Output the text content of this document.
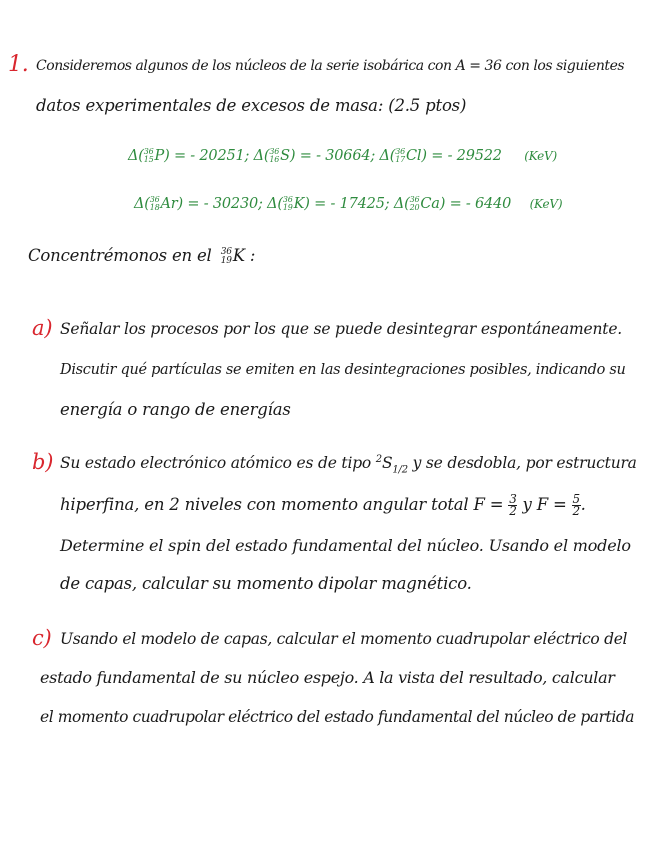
1. Consideremos algunos de los núcleos de la serie isobárica con A = 36 con los siguientes
datos experimentales de excesos de masa: (2.5 ptos)
Δ( 36
15 P ) = - 20251 ;
Δ( 36
16 S ) = - 30664 ;
Δ( 36
17 Cl ) = - 29522 (KeV)
Δ( 36
18 Ar ) = - 30230 ;
Δ( 36
19 K ) = - 17425 ;
Δ( 36
20 Ca ) = - 6440 (KeV)
Concentrémonos en el 36
19 K :
a) Señalar los procesos por los que se puede desintegrar espontáneamente.
Discutir qué partículas se emiten en las desintegraciones posibles, indicando su
energía o rango de energías
b) Su estado electrónico atómico es de tipo $^2S_{1/2}$ y se desdobla, por estructura
hiperfina, en 2 niveles con momento angular total $F = \frac{3}{2}$ y $F = \frac{5}{2}$ .
Determine el spin del estado fundamental del núcleo. Usando el modelo
de capas, calcular su momento dipolar magnético.
c) Usando el modelo de capas, calcular el momento cuadrupolar eléctrico del
estado fundamental de su núcleo espejo. A la vista del resultado, calcular
el momento cuadrupolar eléctrico del estado fundamental del núcleo de partida
